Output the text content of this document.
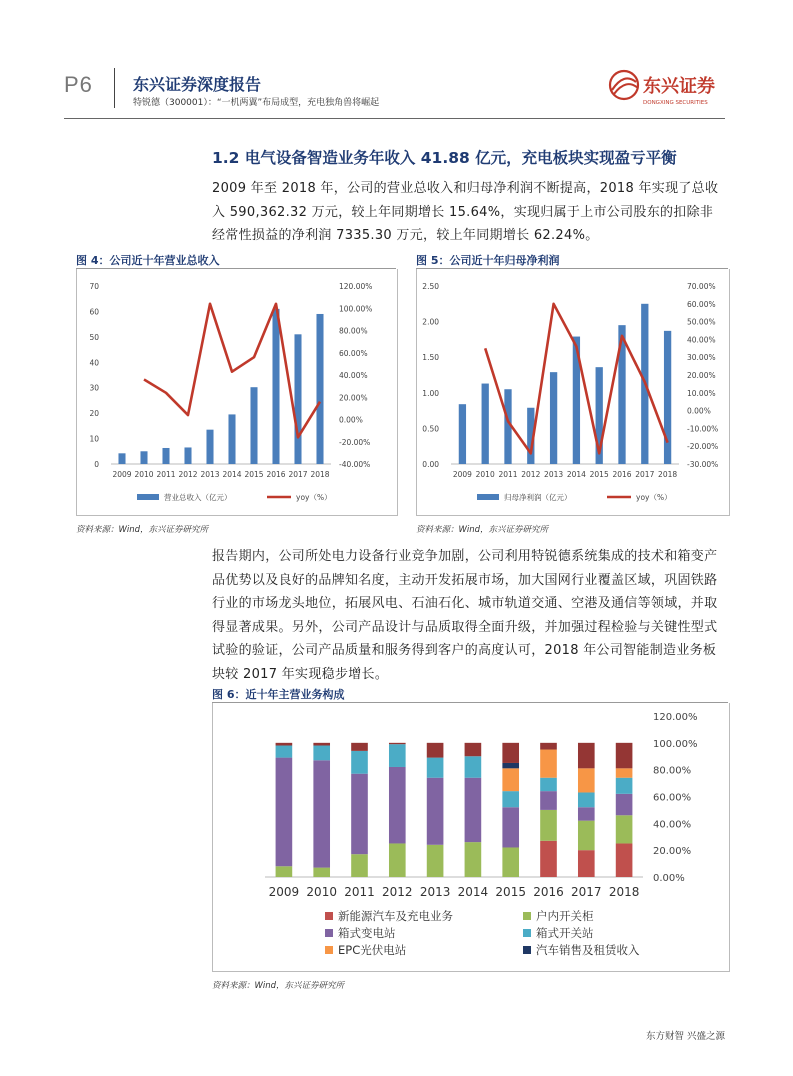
P6	东兴证券深度报告
特锐德（300001）：“一机两翼”布局成型，充电独角兽将崛起
东兴证券
DONGXING SECURITIES
1.2 电气设备智造业务年收入 41.88 亿元，充电板块实现盈亏平衡

2009 年至 2018 年，公司的营业总收入和归母净利润不断提高，2018 年实现了总收入 590,362.32 万元，较上年同期增长 15.64%，实现归属于上市公司股东的扣除非经常性损益的净利润 7335.30 万元，较上年同期增长 62.24%。

图 4：公司近十年营业总收入
0
10
20
30
40
50
60
70
-40.00%
-20.00%
0.00%
20.00%
40.00%
60.00%
80.00%
100.00%
120.00%
2009 2010 2011 2012 2013 2014 2015 2016 2017 2018
营业总收入（亿元）	yoy（%）
资料来源：Wind，东兴证券研究所
图 5：公司近十年归母净利润
0.00
0.50
1.00
1.50
2.00
2.50
-30.00%
-20.00%
-10.00%
0.00%
10.00%
20.00%
30.00%
40.00%
50.00%
60.00%
70.00%
2009 2010 2011 2012 2013 2014 2015 2016 2017 2018
归母净利润（亿元）	yoy（%）
资料来源：Wind，东兴证券研究所

报告期内，公司所处电力设备行业竞争加剧，公司利用特锐德系统集成的技术和箱变产品优势以及良好的品牌知名度，主动开发拓展市场，加大国网行业覆盖区域，巩固铁路行业的市场龙头地位，拓展风电、石油石化、城市轨道交通、空港及通信等领域，并取得显著成果。另外，公司产品设计与品质取得全面升级，并加强过程检验与关键性型式试验的验证，公司产品质量和服务得到客户的高度认可，2018 年公司智能制造业务板块较 2017 年实现稳步增长。

图 6：近十年主营业务构成
0.00%
20.00%
40.00%
60.00%
80.00%
100.00%
120.00%
2009 2010 2011 2012 2013 2014 2015 2016 2017 2018
新能源汽车及充电业务	户内开关柜
箱式变电站	箱式开关站
EPC光伏电站	汽车销售及租赁收入
资料来源：Wind，东兴证券研究所
东方财智 兴盛之源
